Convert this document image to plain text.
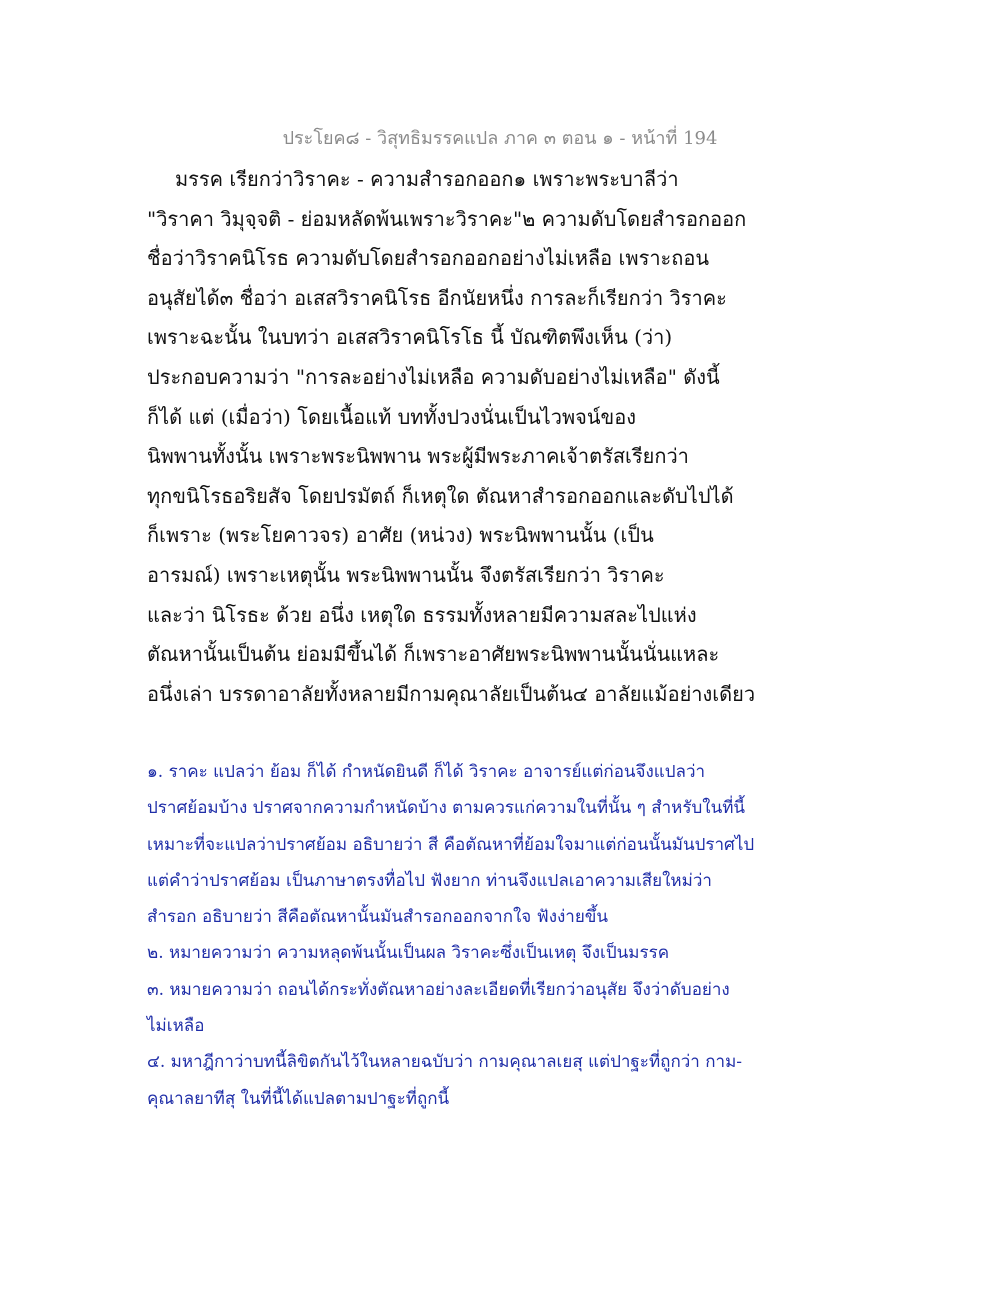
ประโยค๘ - วิสุทธิมรรคแปล ภาค ๓ ตอน ๑ - หน้าที่ 194
มรรค เรียกว่าวิราคะ - ความสำรอกออก๑ เพราะพระบาลีว่า
"วิราคา วิมุจฺจติ - ย่อมหลัดพ้นเพราะวิราคะ"๒ ความดับโดยสำรอกออก
ชื่อว่าวิราคนิโรธ ความดับโดยสำรอกออกอย่างไม่เหลือ เพราะถอน
อนุสัยได้๓ ชื่อว่า อเสสวิราคนิโรธ อีกนัยหนึ่ง การละก็เรียกว่า วิราคะ
เพราะฉะนั้น ในบทว่า อเสสวิราคนิโรโธ นี้ บัณฑิตพึงเห็น (ว่า)
ประกอบความว่า "การละอย่างไม่เหลือ ความดับอย่างไม่เหลือ" ดังนี้
ก็ได้ แต่ (เมื่อว่า) โดยเนื้อแท้ บททั้งปวงนั่นเป็นไวพจน์ของ
นิพพานทั้งนั้น เพราะพระนิพพาน พระผู้มีพระภาคเจ้าตรัสเรียกว่า
ทุกขนิโรธอริยสัจ โดยปรมัตถ์ ก็เหตุใด ตัณหาสำรอกออกและดับไปได้
ก็เพราะ (พระโยคาวจร) อาศัย (หน่วง) พระนิพพานนั้น (เป็น
อารมณ์) เพราะเหตุนั้น พระนิพพานนั้น จึงตรัสเรียกว่า วิราคะ
และว่า นิโรธะ ด้วย อนึ่ง เหตุใด ธรรมทั้งหลายมีความสละไปแห่ง
ตัณหานั้นเป็นต้น ย่อมมีขึ้นได้ ก็เพราะอาศัยพระนิพพานนั้นนั่นแหละ
อนึ่งเล่า บรรดาอาลัยทั้งหลายมีกามคุณาลัยเป็นต้น๔ อาลัยแม้อย่างเดียว
๑. ราคะ แปลว่า ย้อม ก็ได้ กำหนัดยินดี ก็ได้ วิราคะ อาจารย์แต่ก่อนจึงแปลว่า
ปราศย้อมบ้าง ปราศจากความกำหนัดบ้าง ตามควรแก่ความในที่นั้น ๆ สำหรับในที่นี้
เหมาะที่จะแปลว่าปราศย้อม อธิบายว่า สี คือตัณหาที่ย้อมใจมาแต่ก่อนนั้นมันปราศไป
แต่คำว่าปราศย้อม เป็นภาษาตรงทื่อไป ฟังยาก ท่านจึงแปลเอาความเสียใหม่ว่า
สำรอก อธิบายว่า สีคือตัณหานั้นมันสำรอกออกจากใจ ฟังง่ายขึ้น
๒. หมายความว่า ความหลุดพ้นนั้นเป็นผล วิราคะซึ่งเป็นเหตุ จึงเป็นมรรค
๓. หมายความว่า ถอนได้กระทั่งตัณหาอย่างละเอียดที่เรียกว่าอนุสัย จึงว่าดับอย่าง
ไม่เหลือ
๔. มหาฎีกาว่าบทนี้ลิขิตกันไว้ในหลายฉบับว่า กามคุณาลเยสุ แต่ปาฐะที่ถูกว่า กาม-
คุณาลยาทีสุ ในที่นี้ได้แปลตามปาฐะที่ถูกนี้
